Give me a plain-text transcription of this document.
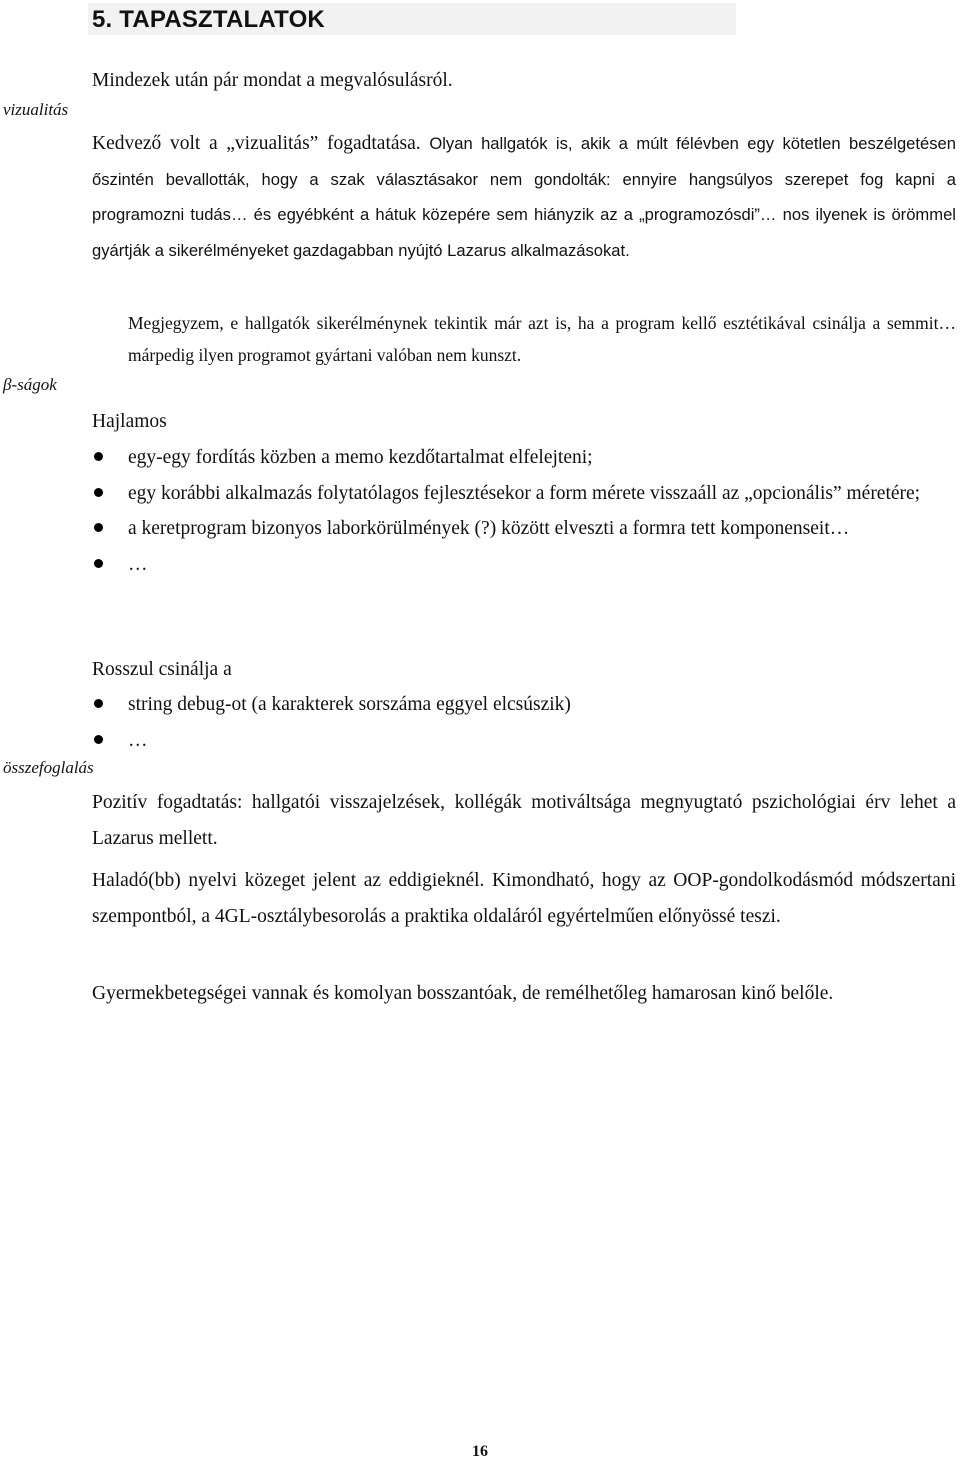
5. TAPASZTALATOK
vizualitás
β-ságok
összefoglalás
Mindezek után pár mondat a megvalósulásról.
Kedvező volt a „vizualitás” fogadtatása. Olyan hallgatók is, akik a múlt félévben egy kötetlen beszélgetésen őszintén bevallották, hogy a szak választásakor nem gondolták: ennyire hangsúlyos szerepet fog kapni a programozni tudás… és egyébként a hátuk közepére sem hiányzik az a „programozósdi”… nos ilyenek is örömmel gyártják a sikerélményeket gazdagabban nyújtó Lazarus alkalmazásokat.
Megjegyzem, e hallgatók sikerélménynek tekintik már azt is, ha a program kellő esztétikával csinálja a semmit… márpedig ilyen programot gyártani valóban nem kunszt.
Hajlamos
egy-egy fordítás közben a memo kezdőtartalmat elfelejteni;
egy korábbi alkalmazás folytatólagos fejlesztésekor a form mérete visszaáll az „opcionális” méretére;
a keretprogram bizonyos laborkörülmények (?) között elveszti a formra tett komponenseit…
…
Rosszul csinálja a
string debug-ot (a karakterek sorszáma eggyel elcsúszik)
…
Pozitív fogadtatás: hallgatói visszajelzések, kollégák motiváltsága megnyugtató pszichológiai érv lehet a Lazarus mellett.
Haladó(bb) nyelvi közeget jelent az eddigieknél. Kimondható, hogy az OOP-gondolkodásmód módszertani szempontból, a 4GL-osztálybesorolás a praktika oldaláról egyértelműen előnyössé teszi.
Gyermekbetegségei vannak és komolyan bosszantóak, de remélhetőleg hamarosan kinő belőle.
16
